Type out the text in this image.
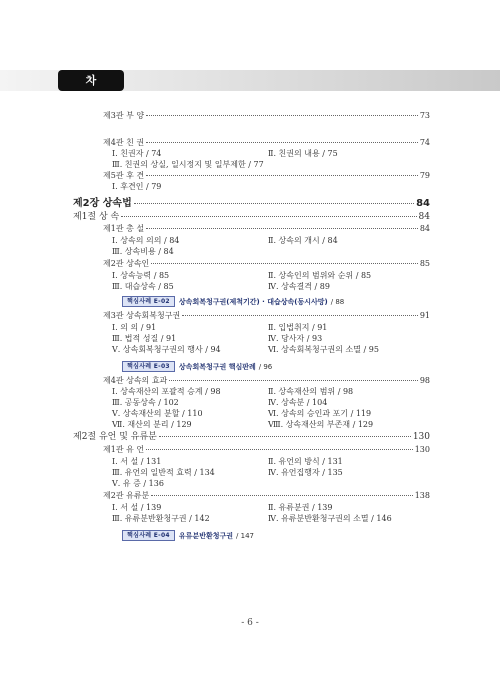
차 례
제3관 부 양	73
제4관 친 권	74
Ⅰ. 친권자 / 74	Ⅱ. 친권의 내용 / 75
Ⅲ. 친권의 상실, 일시정지 및 일부제한 / 77
제5관 후 견	79
Ⅰ. 후견인 / 79
제2장 상속법	84
제1절 상 속	84
제1관 총 설	84
Ⅰ. 상속의 의의 / 84	Ⅱ. 상속의 개시 / 84
Ⅲ. 상속비용 / 84
제2관 상속인	85
Ⅰ. 상속능력 / 85	Ⅱ. 상속인의 범위와 순위 / 85
Ⅲ. 대습상속 / 85	Ⅳ. 상속결격 / 89
핵심사례 E-02	상속회복청구권(제척기간) · 대습상속(동시사망) / 88
제3관 상속회복청구권	91
Ⅰ. 의 의 / 91	Ⅱ. 입법취지 / 91
Ⅲ. 법적 성질 / 91	Ⅳ. 당사자 / 93
Ⅴ. 상속회복청구권의 행사 / 94	Ⅵ. 상속회복청구권의 소멸 / 95
핵심사례 E-03	상속회복청구권 핵심판례 / 96
제4관 상속의 효과	98
Ⅰ. 상속재산의 포괄적 승계 / 98	Ⅱ. 상속재산의 범위 / 98
Ⅲ. 공동상속 / 102	Ⅳ. 상속분 / 104
Ⅴ. 상속재산의 분할 / 110	Ⅵ. 상속의 승인과 포기 / 119
Ⅶ. 재산의 분리 / 129	Ⅷ. 상속재산의 부존재 / 129
제2절 유언 및 유류분	130
제1관 유 언	130
Ⅰ. 서 설 / 131	Ⅱ. 유언의 방식 / 131
Ⅲ. 유언의 일반적 효력 / 134	Ⅳ. 유언집행자 / 135
Ⅴ. 유 증 / 136
제2관 유류분	138
Ⅰ. 서 설 / 139	Ⅱ. 유류분권 / 139
Ⅲ. 유류분반환청구권 / 142	Ⅳ. 유류분반환청구권의 소멸 / 146
핵심사례 E-04	유류분반환청구권 / 147
- 6 -
